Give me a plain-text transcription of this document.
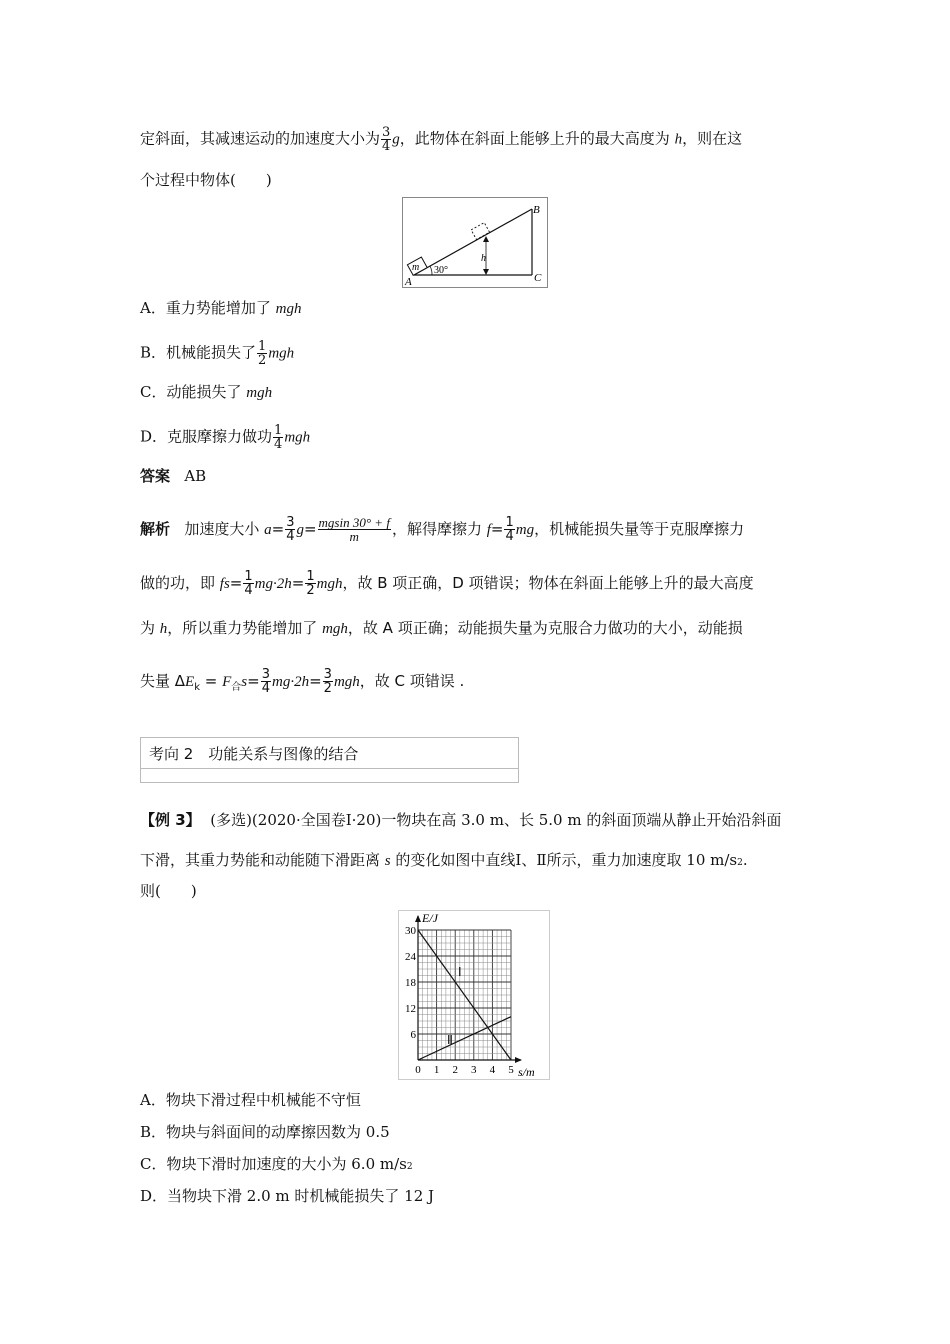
定斜面，其减速运动的加速度大小为 $\frac{3}{4}$ g，此物体在斜面上能够上升的最大高度为 h，则在这
个过程中物体(　　)
m
h
30°
A
B
C
A．重力势能增加了 mgh
B．机械能损失了 $\frac{1}{2}$ mgh
C．动能损失了 mgh
D．克服摩擦力做功 $\frac{1}{4}$ mgh
答案 AB
解析 加速度大小 $a= \frac{3}{4} g= \frac{mgsin 30^\circ + f}{m}$ ，解得摩擦力 $f= \frac{1}{4}$ mg，机械能损失量等于克服摩擦力
做的功，即 $fs= \frac{1}{4} mg\cdot 2h= \frac{1}{2}$ mgh，故 B 项正确，D 项错误；物体在斜面上能够上升的最大高度
为 h，所以重力势能增加了 mgh，故 A 项正确；动能损失量为克服合力做功的大小，动能损
失量 $\Delta E_k = F_合s= \frac{3}{4} mg\cdot 2h= \frac{3}{2}$ mgh，故 C 项错误 .
考向 2　功能关系与图像的结合
【例 3】 (多选)(2020·全国卷Ⅰ·20)一物块在高 3.0 m、长 5.0 m 的斜面顶端从静止开始沿斜面
下滑，其重力势能和动能随下滑距离 s 的变化如图中直线Ⅰ、Ⅱ所示，重力加速度取 10 m/s2.
则(　　)
6
12
18
24
30
0 1 2 3 4 5
E/J
s/m
Ⅰ
Ⅱ
A．物块下滑过程中机械能不守恒
B．物块与斜面间的动摩擦因数为 0.5
C．物块下滑时加速度的大小为 6.0 m/s2
D．当物块下滑 2.0 m 时机械能损失了 12 J
